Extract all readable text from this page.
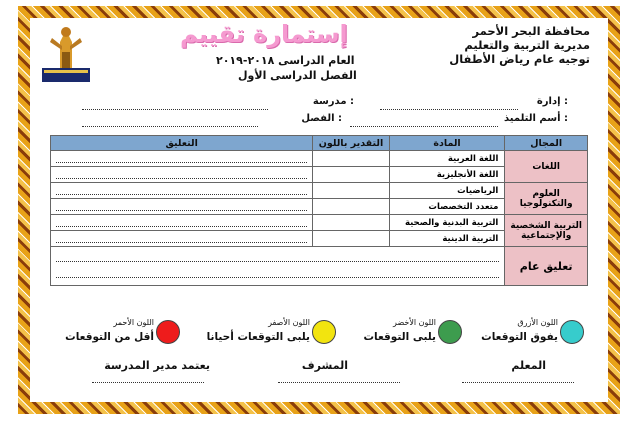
محافظة البحر الأحمر
مديرية التربية والتعليم
توجيه عام رياض الأطفال
إستمارة تقييم
العام الدراسى ٢٠١٨-٢٠١٩
الفصل الدراسى الأول
إدارة :
مدرسة :
أسم التلميذ :
الفصل :
التعليق	التقدير باللون	المادة	المجال

		اللغة العربية	اللغات

		اللغة الأنجليزية	

		الرياضيات	العلوم والتكنولوجيا

		متعدد التخصصات	

		التربية البدنية والصحية	التربية الشخصية والإجتماعية

		التربية الدينية	

			تعليق عام
اللون الأزرق
يفوق التوقعات
اللون الأخضر
يلبى التوقعات
اللون الأصفر
يلبى التوقعات أحيانا
اللون الأحمر
أقل من التوقعات
المعلم
المشرف
يعتمد مدير المدرسة
